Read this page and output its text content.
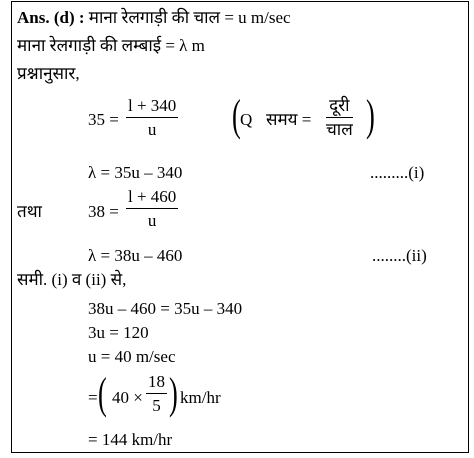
Ans. (d) : माना रेलगाड़ी की चाल = u m/sec
माना रेलगाड़ी की लम्बाई = λ m
प्रश्नानुसार,
35 =
l + 340
u ( Q समय =
दूरी
चाल )
λ = 35u – 340	.........(i)
तथा	38 =
l + 460
u
λ = 38u – 460	........(ii)
समी. (i) व (ii) से,
38u – 460 = 35u – 340
3u = 120
u = 40 m/sec
= ( 40 ×
18
5 ) km/hr
= 144 km/hr
